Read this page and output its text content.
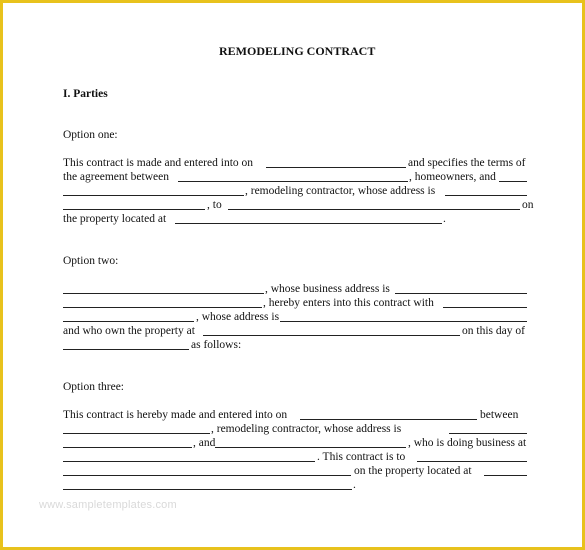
REMODELING CONTRACT
I. Parties
Option one:
This contract is made and entered into on	and specifies the terms of
the agreement between	, homeowners, and
, remodeling contractor, whose address is
, to	on
the property located at	.
Option two:
, whose business address is
, hereby enters into this contract with
, whose address is
and who own the property at	on this day of
as follows:
Option three:
This contract is hereby made and entered into on	between
, remodeling contractor, whose address is
, and	, who is doing business at
. This contract is to
on the property located at
.
www.sampletemplates.com
